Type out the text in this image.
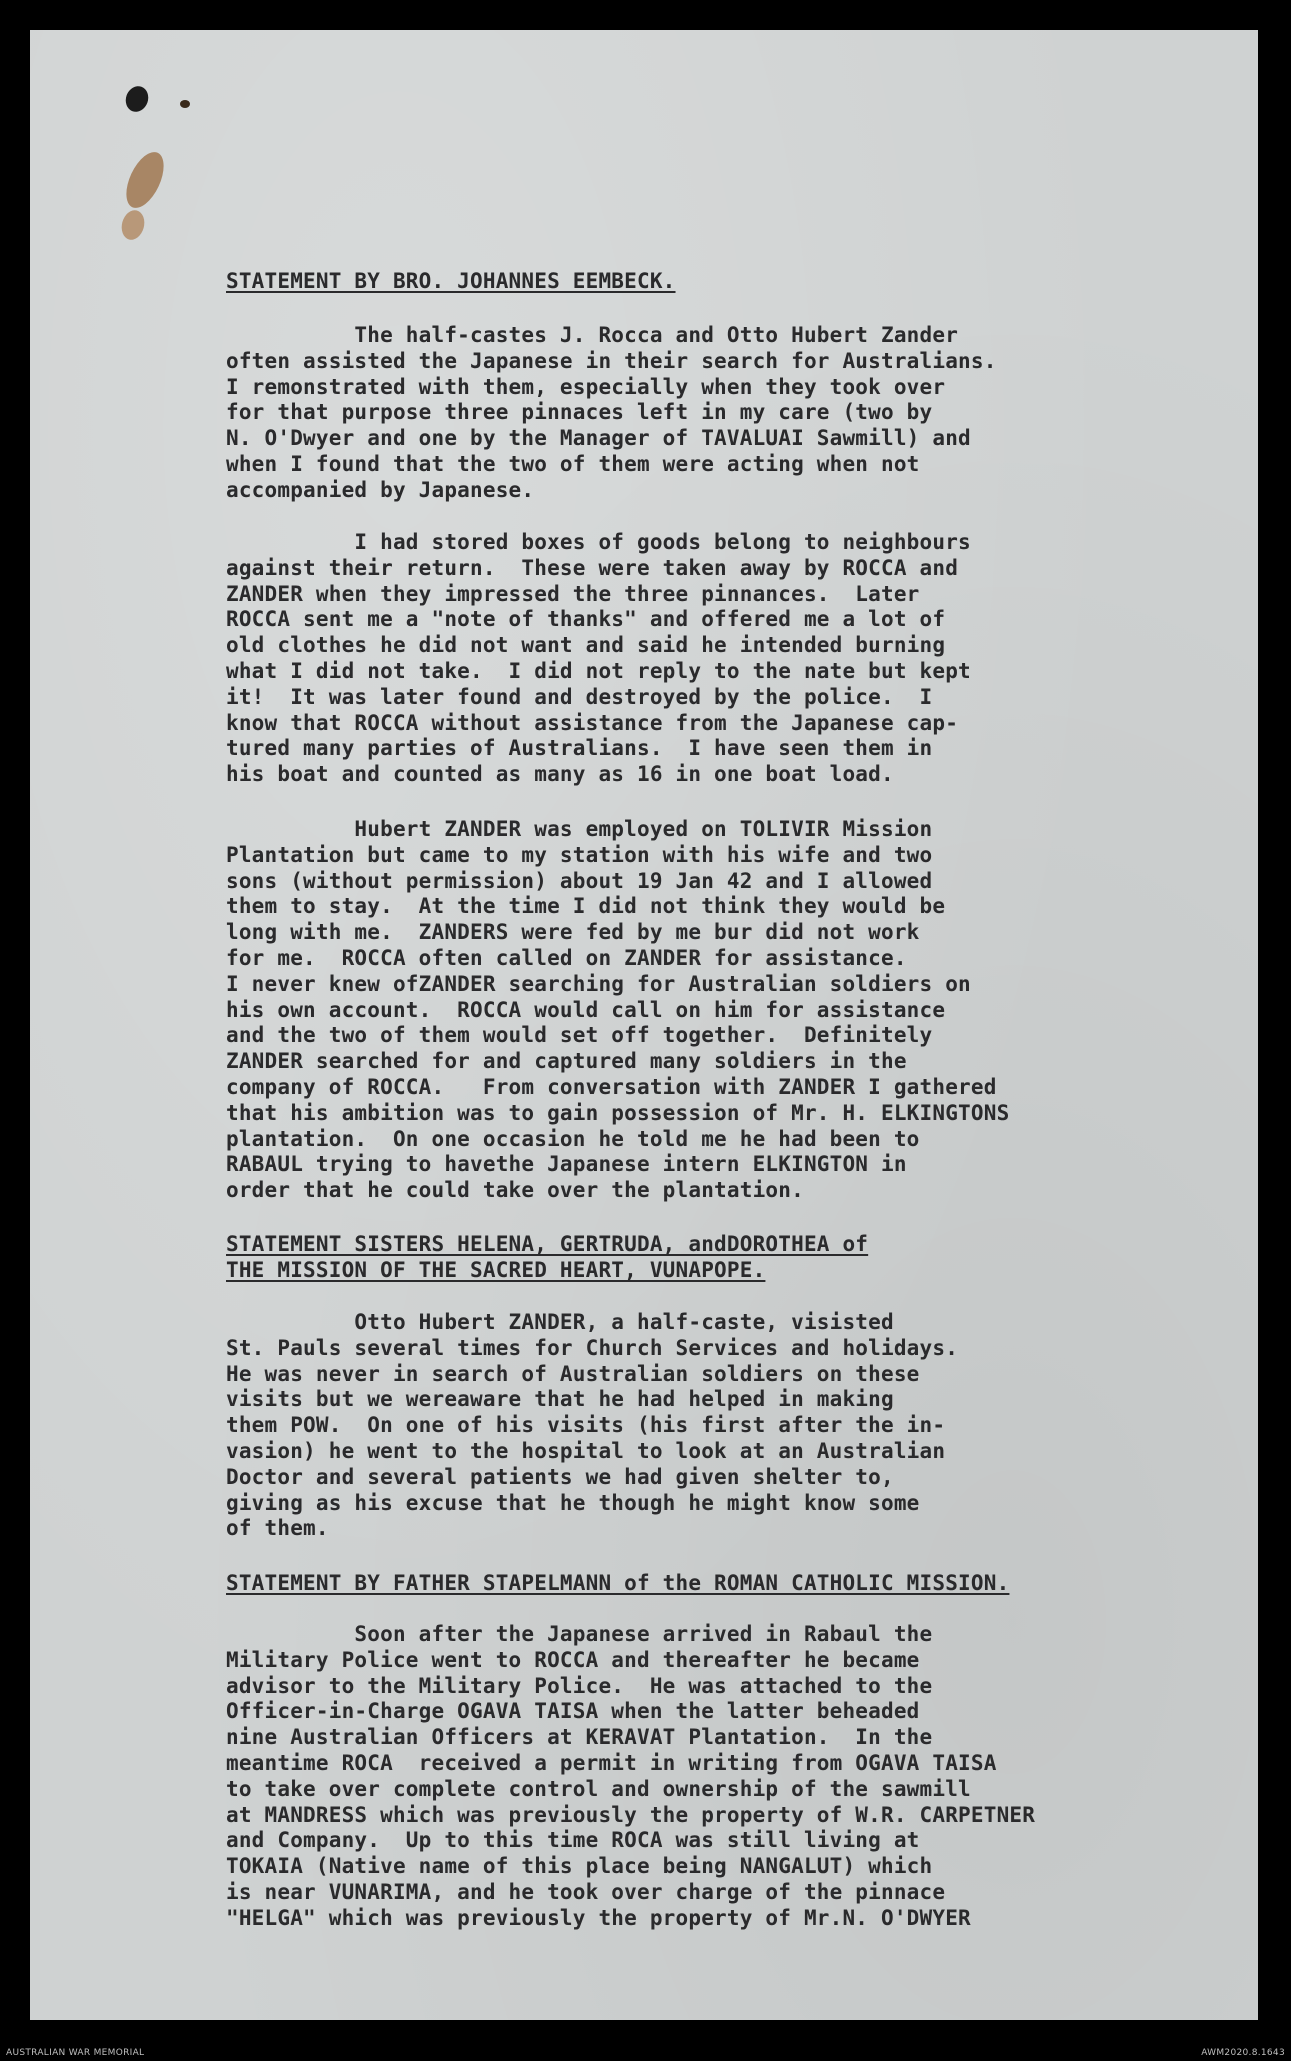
STATEMENT BY BRO. JOHANNES EEMBECK.
The half-castes J. Rocca and Otto Hubert Zander
often assisted the Japanese in their search for Australians.
I remonstrated with them, especially when they took over
for that purpose three pinnaces left in my care (two by
N. O'Dwyer and one by the Manager of TAVALUAI Sawmill) and
when I found that the two of them were acting when not
accompanied by Japanese.
I had stored boxes of goods belong to neighbours
against their return.  These were taken away by ROCCA and
ZANDER when they impressed the three pinnances.  Later
ROCCA sent me a "note of thanks" and offered me a lot of
old clothes he did not want and said he intended burning
what I did not take.  I did not reply to the nate but kept
it!  It was later found and destroyed by the police.  I
know that ROCCA without assistance from the Japanese cap-
tured many parties of Australians.  I have seen them in
his boat and counted as many as 16 in one boat load.
Hubert ZANDER was employed on TOLIVIR Mission
Plantation but came to my station with his wife and two
sons (without permission) about 19 Jan 42 and I allowed
them to stay.  At the time I did not think they would be
long with me.  ZANDERS were fed by me bur did not work
for me.  ROCCA often called on ZANDER for assistance.
I never knew ofZANDER searching for Australian soldiers on
his own account.  ROCCA would call on him for assistance
and the two of them would set off together.  Definitely
ZANDER searched for and captured many soldiers in the
company of ROCCA.   From conversation with ZANDER I gathered
that his ambition was to gain possession of Mr. H. ELKINGTONS
plantation.  On one occasion he told me he had been to
RABAUL trying to havethe Japanese intern ELKINGTON in
order that he could take over the plantation.
STATEMENT SISTERS HELENA, GERTRUDA, andDOROTHEA of
THE MISSION OF THE SACRED HEART, VUNAPOPE.
Otto Hubert ZANDER, a half-caste, visisted
St. Pauls several times for Church Services and holidays.
He was never in search of Australian soldiers on these
visits but we wereaware that he had helped in making
them POW.  On one of his visits (his first after the in-
vasion) he went to the hospital to look at an Australian
Doctor and several patients we had given shelter to,
giving as his excuse that he though he might know some
of them.
STATEMENT BY FATHER STAPELMANN of the ROMAN CATHOLIC MISSION.
Soon after the Japanese arrived in Rabaul the
Military Police went to ROCCA and thereafter he became
advisor to the Military Police.  He was attached to the
Officer-in-Charge OGAVA TAISA when the latter beheaded
nine Australian Officers at KERAVAT Plantation.  In the
meantime ROCA  received a permit in writing from OGAVA TAISA
to take over complete control and ownership of the sawmill
at MANDRESS which was previously the property of W.R. CARPETNER
and Company.  Up to this time ROCA was still living at
TOKAIA (Native name of this place being NANGALUT) which
is near VUNARIMA, and he took over charge of the pinnace
"HELGA" which was previously the property of Mr.N. O'DWYER
AUSTRALIAN WAR MEMORIAL	AWM2020.8.1643
